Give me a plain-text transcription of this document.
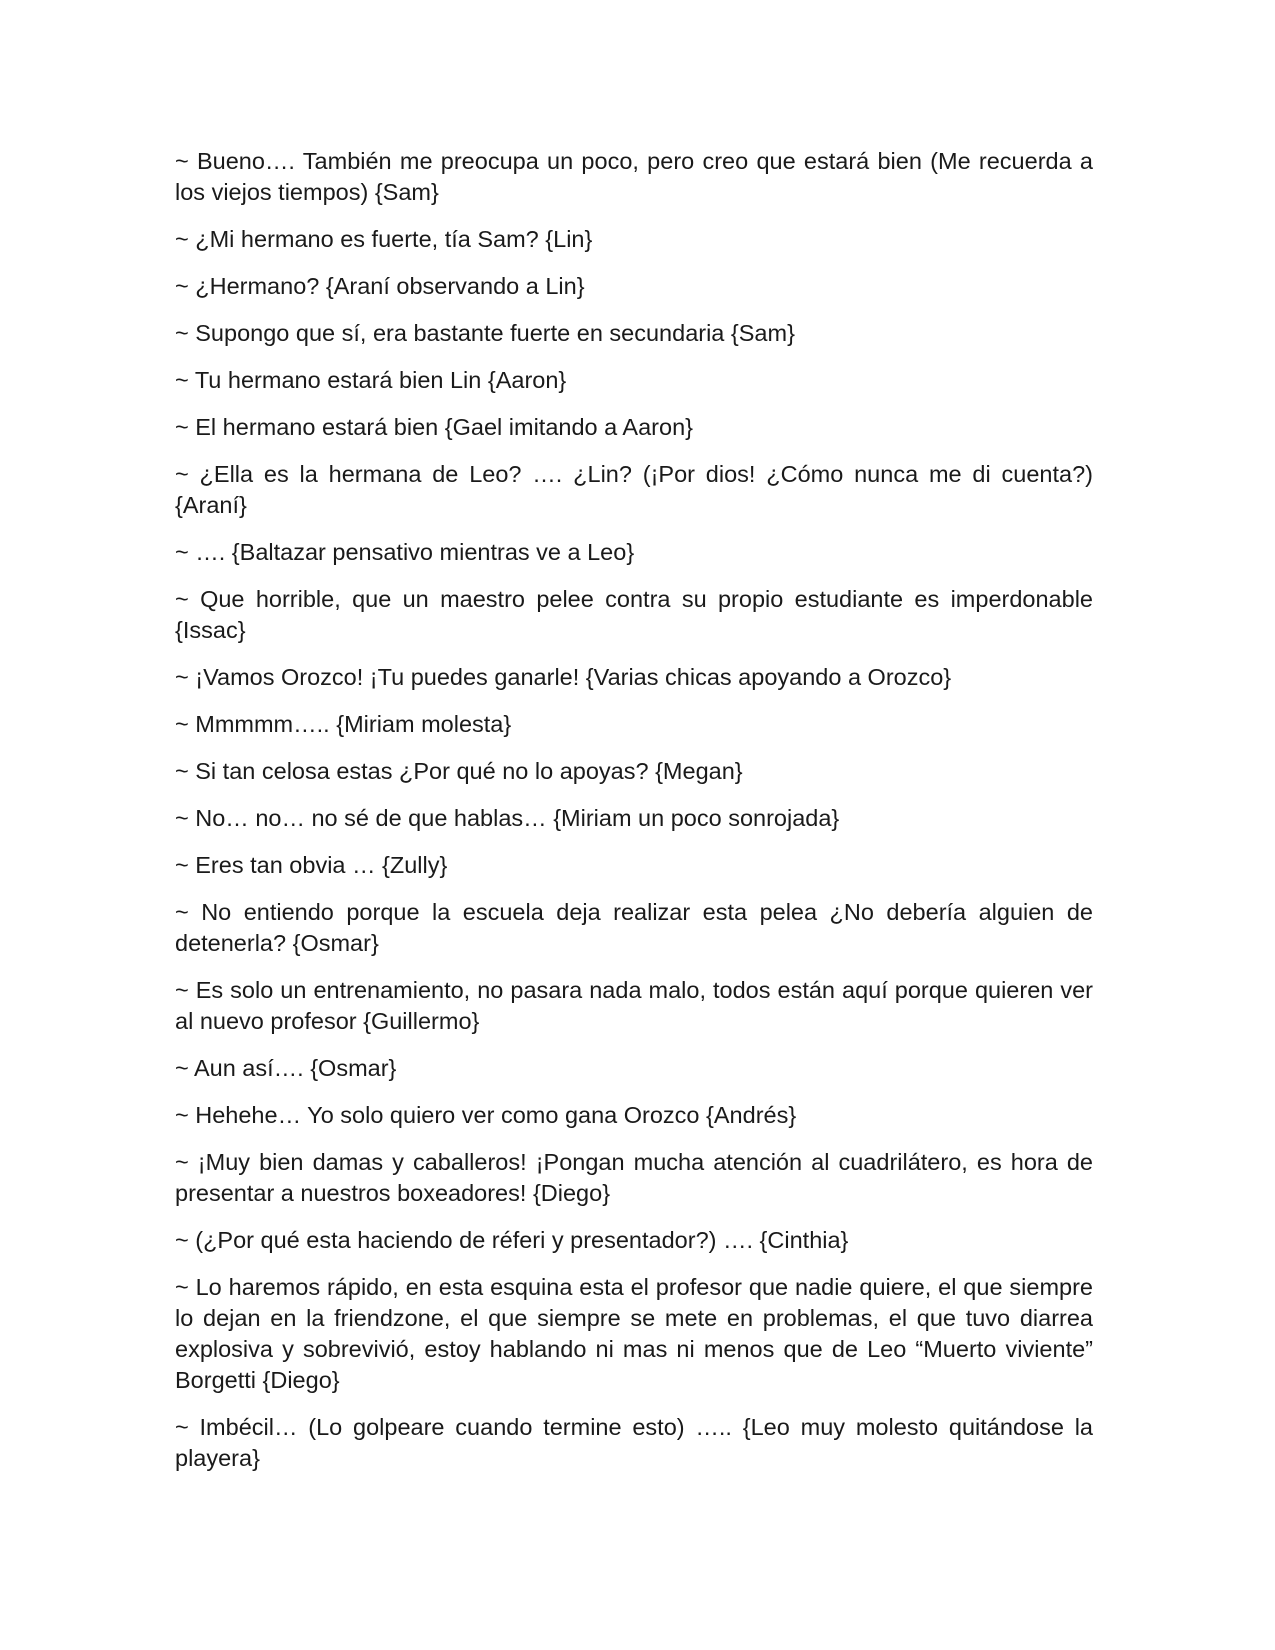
~ Bueno…. También me preocupa un poco, pero creo que estará bien (Me recuerda a los viejos tiempos) {Sam}

~ ¿Mi hermano es fuerte, tía Sam? {Lin}

~ ¿Hermano? {Araní observando a Lin}

~ Supongo que sí, era bastante fuerte en secundaria {Sam}

~ Tu hermano estará bien Lin {Aaron}

~ El hermano estará bien {Gael imitando a Aaron}

~ ¿Ella es la hermana de Leo? …. ¿Lin? (¡Por dios! ¿Cómo nunca me di cuenta?) {Araní}

~ …. {Baltazar pensativo mientras ve a Leo}

~ Que horrible, que un maestro pelee contra su propio estudiante es imperdonable {Issac}

~ ¡Vamos Orozco! ¡Tu puedes ganarle! {Varias chicas apoyando a Orozco}

~ Mmmmm….. {Miriam molesta}

~ Si tan celosa estas ¿Por qué no lo apoyas? {Megan}

~ No… no… no sé de que hablas… {Miriam un poco sonrojada}

~ Eres tan obvia … {Zully}

~ No entiendo porque la escuela deja realizar esta pelea ¿No debería alguien de detenerla? {Osmar}

~ Es solo un entrenamiento, no pasara nada malo, todos están aquí porque quieren ver al nuevo profesor {Guillermo}

~ Aun así…. {Osmar}

~ Hehehe… Yo solo quiero ver como gana Orozco {Andrés}

~ ¡Muy bien damas y caballeros! ¡Pongan mucha atención al cuadrilátero, es hora de presentar a nuestros boxeadores! {Diego}

~ (¿Por qué esta haciendo de réferi y presentador?) …. {Cinthia}

~ Lo haremos rápido, en esta esquina esta el profesor que nadie quiere, el que siempre lo dejan en la friendzone, el que siempre se mete en problemas, el que tuvo diarrea explosiva y sobrevivió, estoy hablando ni mas ni menos que de Leo “Muerto viviente” Borgetti {Diego}

~ Imbécil… (Lo golpeare cuando termine esto) ….. {Leo muy molesto quitándose la playera}
